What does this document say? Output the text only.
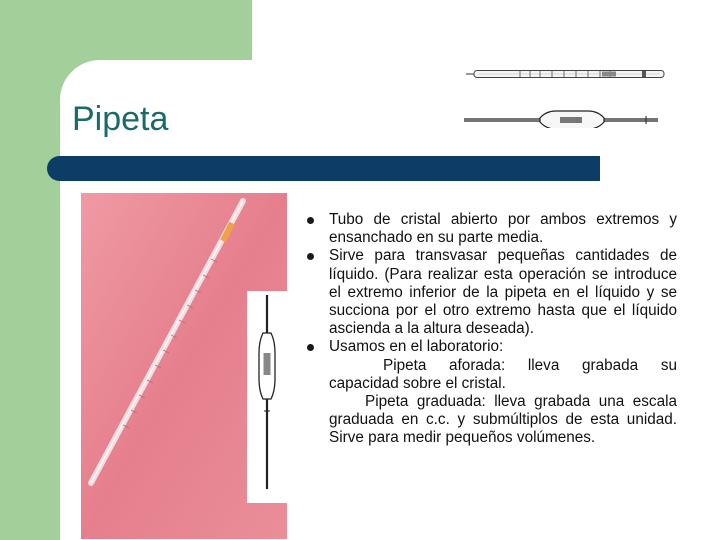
Pipeta
Tubo de cristal abierto por ambos extremos y ensanchado en su parte media.
Sirve para transvasar pequeñas cantidades de líquido. (Para realizar esta operación se introduce el extremo inferior de la pipeta en el líquido y se succiona por el otro extremo hasta que el líquido ascienda a la altura deseada).
Usamos en el laboratorio:
Pipeta aforada: lleva grabada su capacidad sobre el cristal.
Pipeta graduada: lleva grabada una escala graduada en c.c. y submúltiplos de esta unidad. Sirve para medir pequeños volúmenes.
